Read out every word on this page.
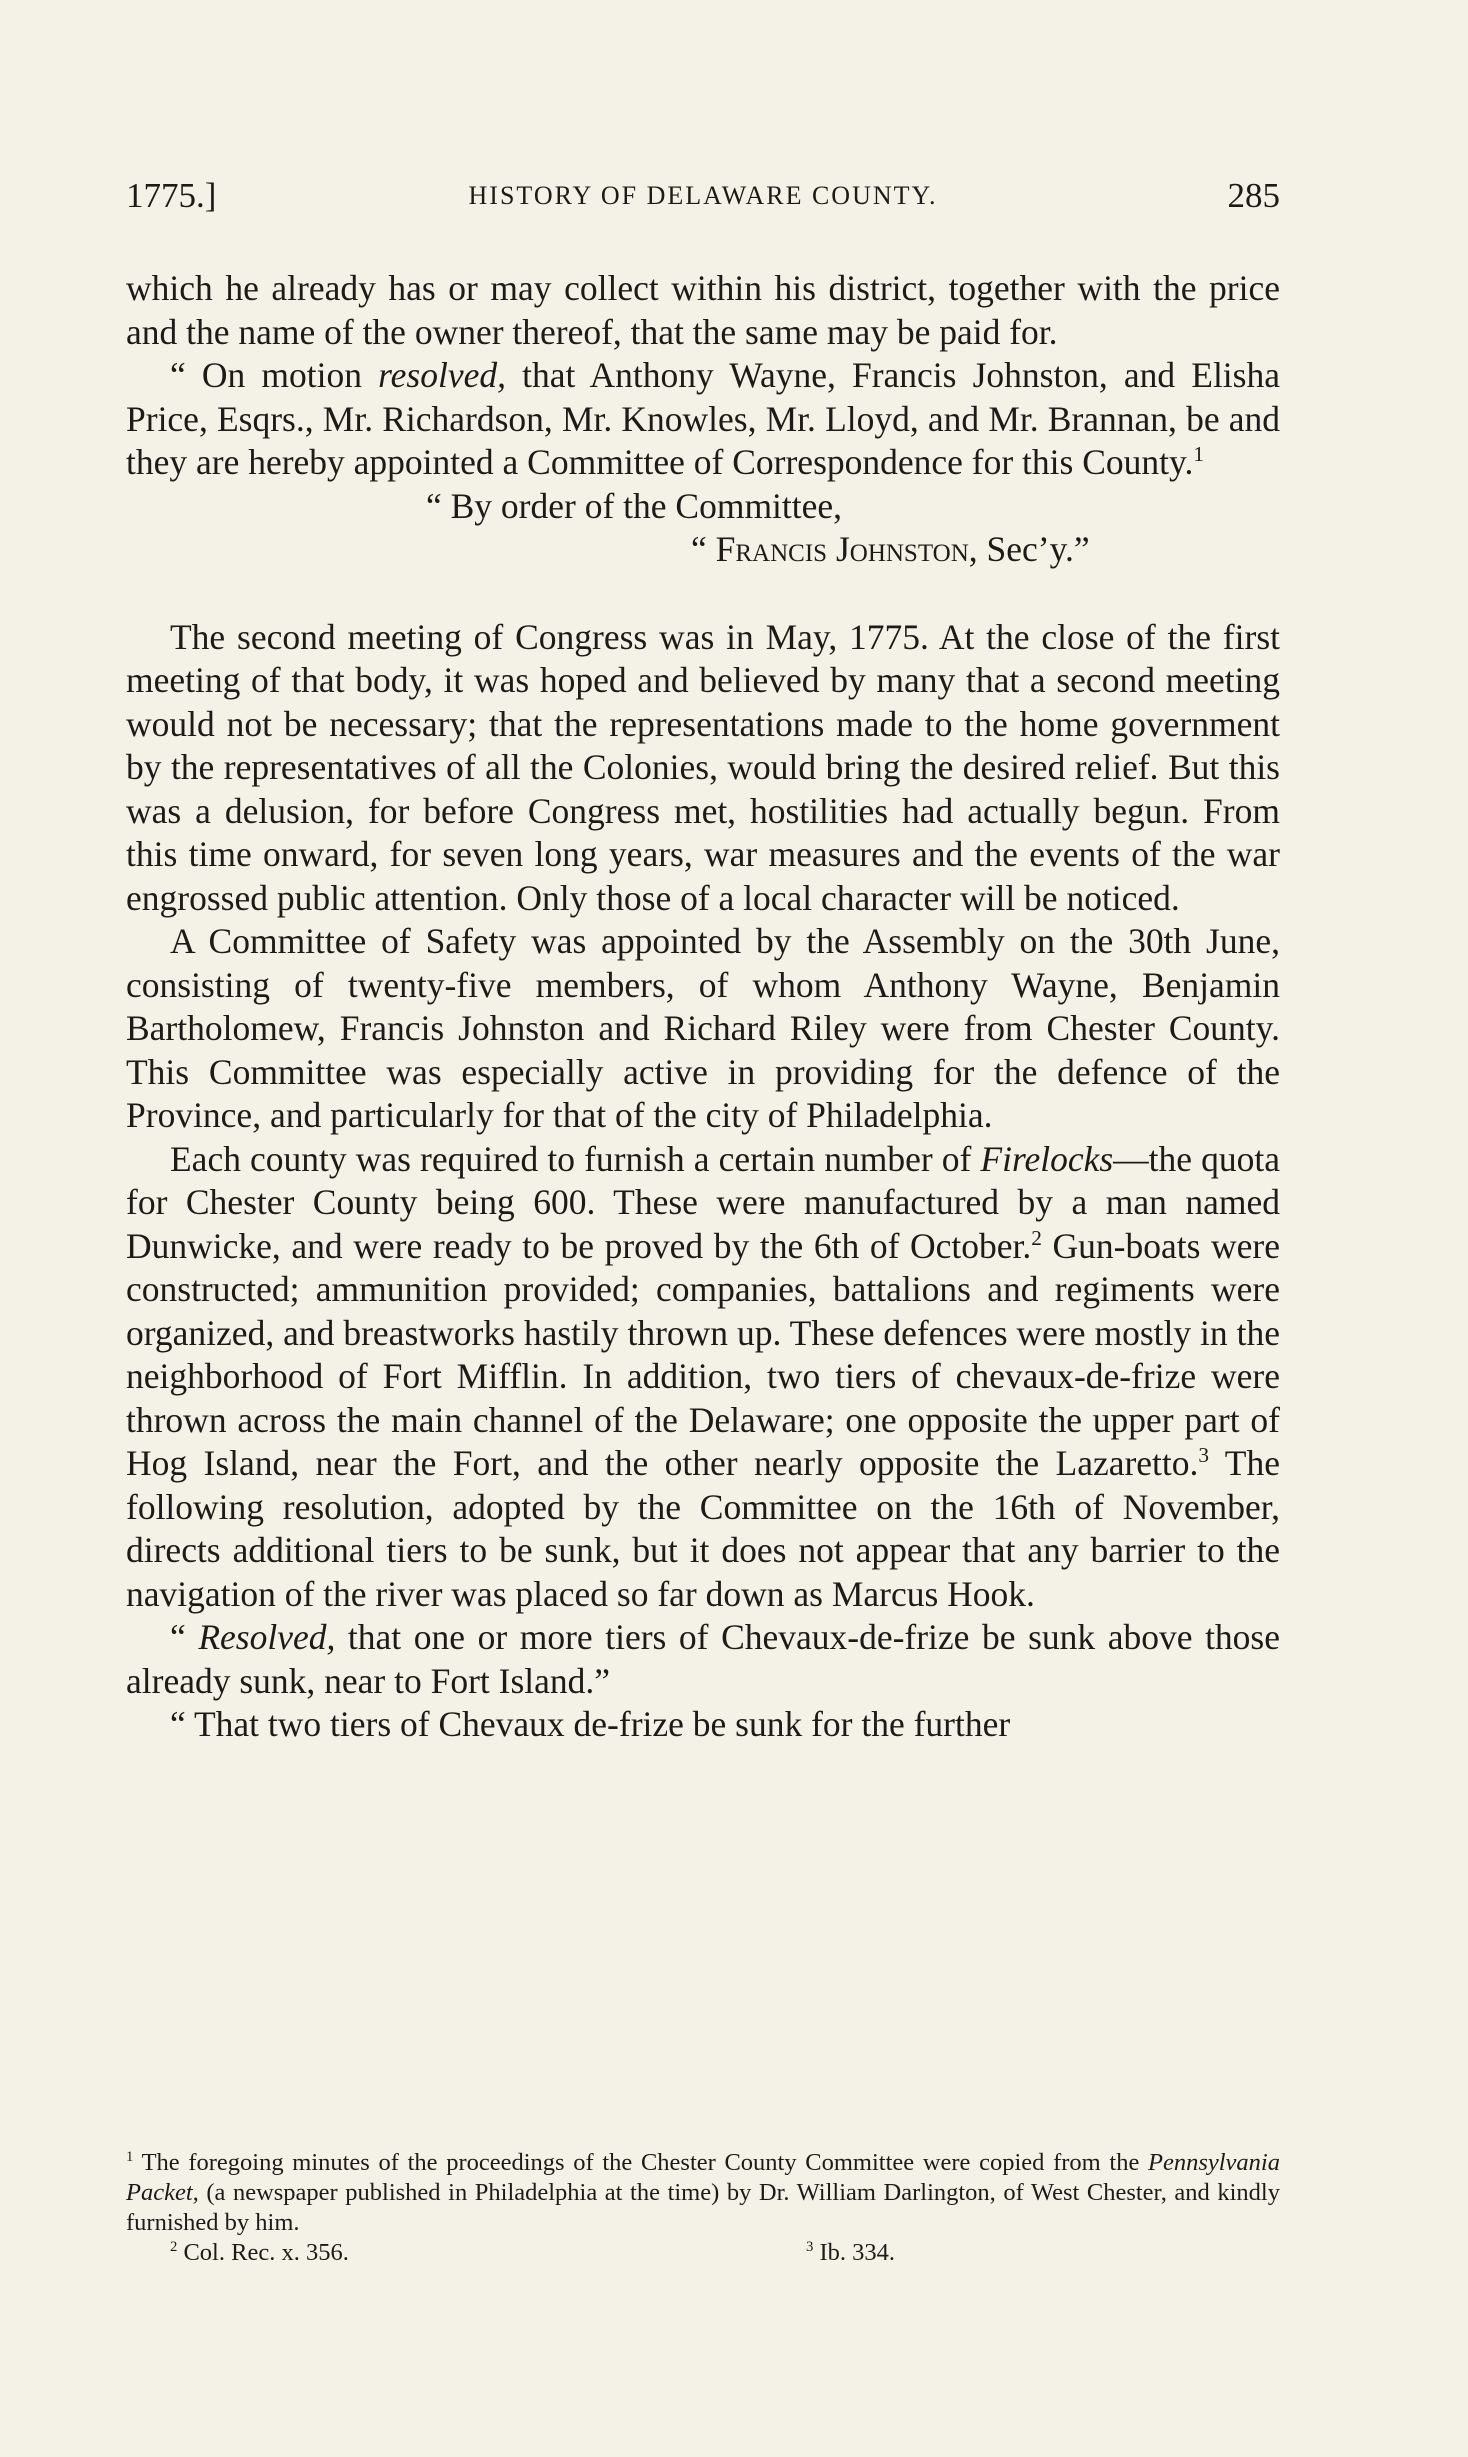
1775.]	HISTORY OF DELAWARE COUNTY.	285

which he already has or may collect within his district, together with the price and the name of the owner thereof, that the same may be paid for.

“ On motion resolved, that Anthony Wayne, Francis Johnston, and Elisha Price, Esqrs., Mr. Richardson, Mr. Knowles, Mr. Lloyd, and Mr. Brannan, be and they are hereby appointed a Committee of Correspondence for this County.$^1$

“ By order of the Committee,

“ Francis Johnston, Sec’y.”

The second meeting of Congress was in May, 1775. At the close of the first meeting of that body, it was hoped and believed by many that a second meeting would not be necessary; that the representations made to the home government by the representatives of all the Colonies, would bring the desired relief. But this was a delusion, for before Congress met, hostilities had actually begun. From this time onward, for seven long years, war measures and the events of the war engrossed public attention. Only those of a local character will be noticed.

A Committee of Safety was appointed by the Assembly on the 30th June, consisting of twenty-five members, of whom Anthony Wayne, Benjamin Bartholomew, Francis Johnston and Richard Riley were from Chester County. This Committee was especially active in providing for the defence of the Province, and particularly for that of the city of Philadelphia.

Each county was required to furnish a certain number of Firelocks—the quota for Chester County being 600. These were manufactured by a man named Dunwicke, and were ready to be proved by the 6th of October.$^2$ Gun-boats were constructed; ammunition provided; companies, battalions and regiments were organized, and breastworks hastily thrown up. These defences were mostly in the neighborhood of Fort Mifflin. In addition, two tiers of chevaux-de-frize were thrown across the main channel of the Delaware; one opposite the upper part of Hog Island, near the Fort, and the other nearly opposite the Lazaretto.$^3$ The following resolution, adopted by the Committee on the 16th of November, directs additional tiers to be sunk, but it does not appear that any barrier to the navigation of the river was placed so far down as Marcus Hook.

“ Resolved, that one or more tiers of Chevaux-de-frize be sunk above those already sunk, near to Fort Island.”

“ That two tiers of Chevaux de-frize be sunk for the further

$^1$ The foregoing minutes of the proceedings of the Chester County Committee were copied from the Pennsylvania Packet, (a newspaper published in Philadelphia at the time) by Dr. William Darlington, of West Chester, and kindly furnished by him.

$^2$ Col. Rec. x. 356.	$^3$ Ib. 334.
